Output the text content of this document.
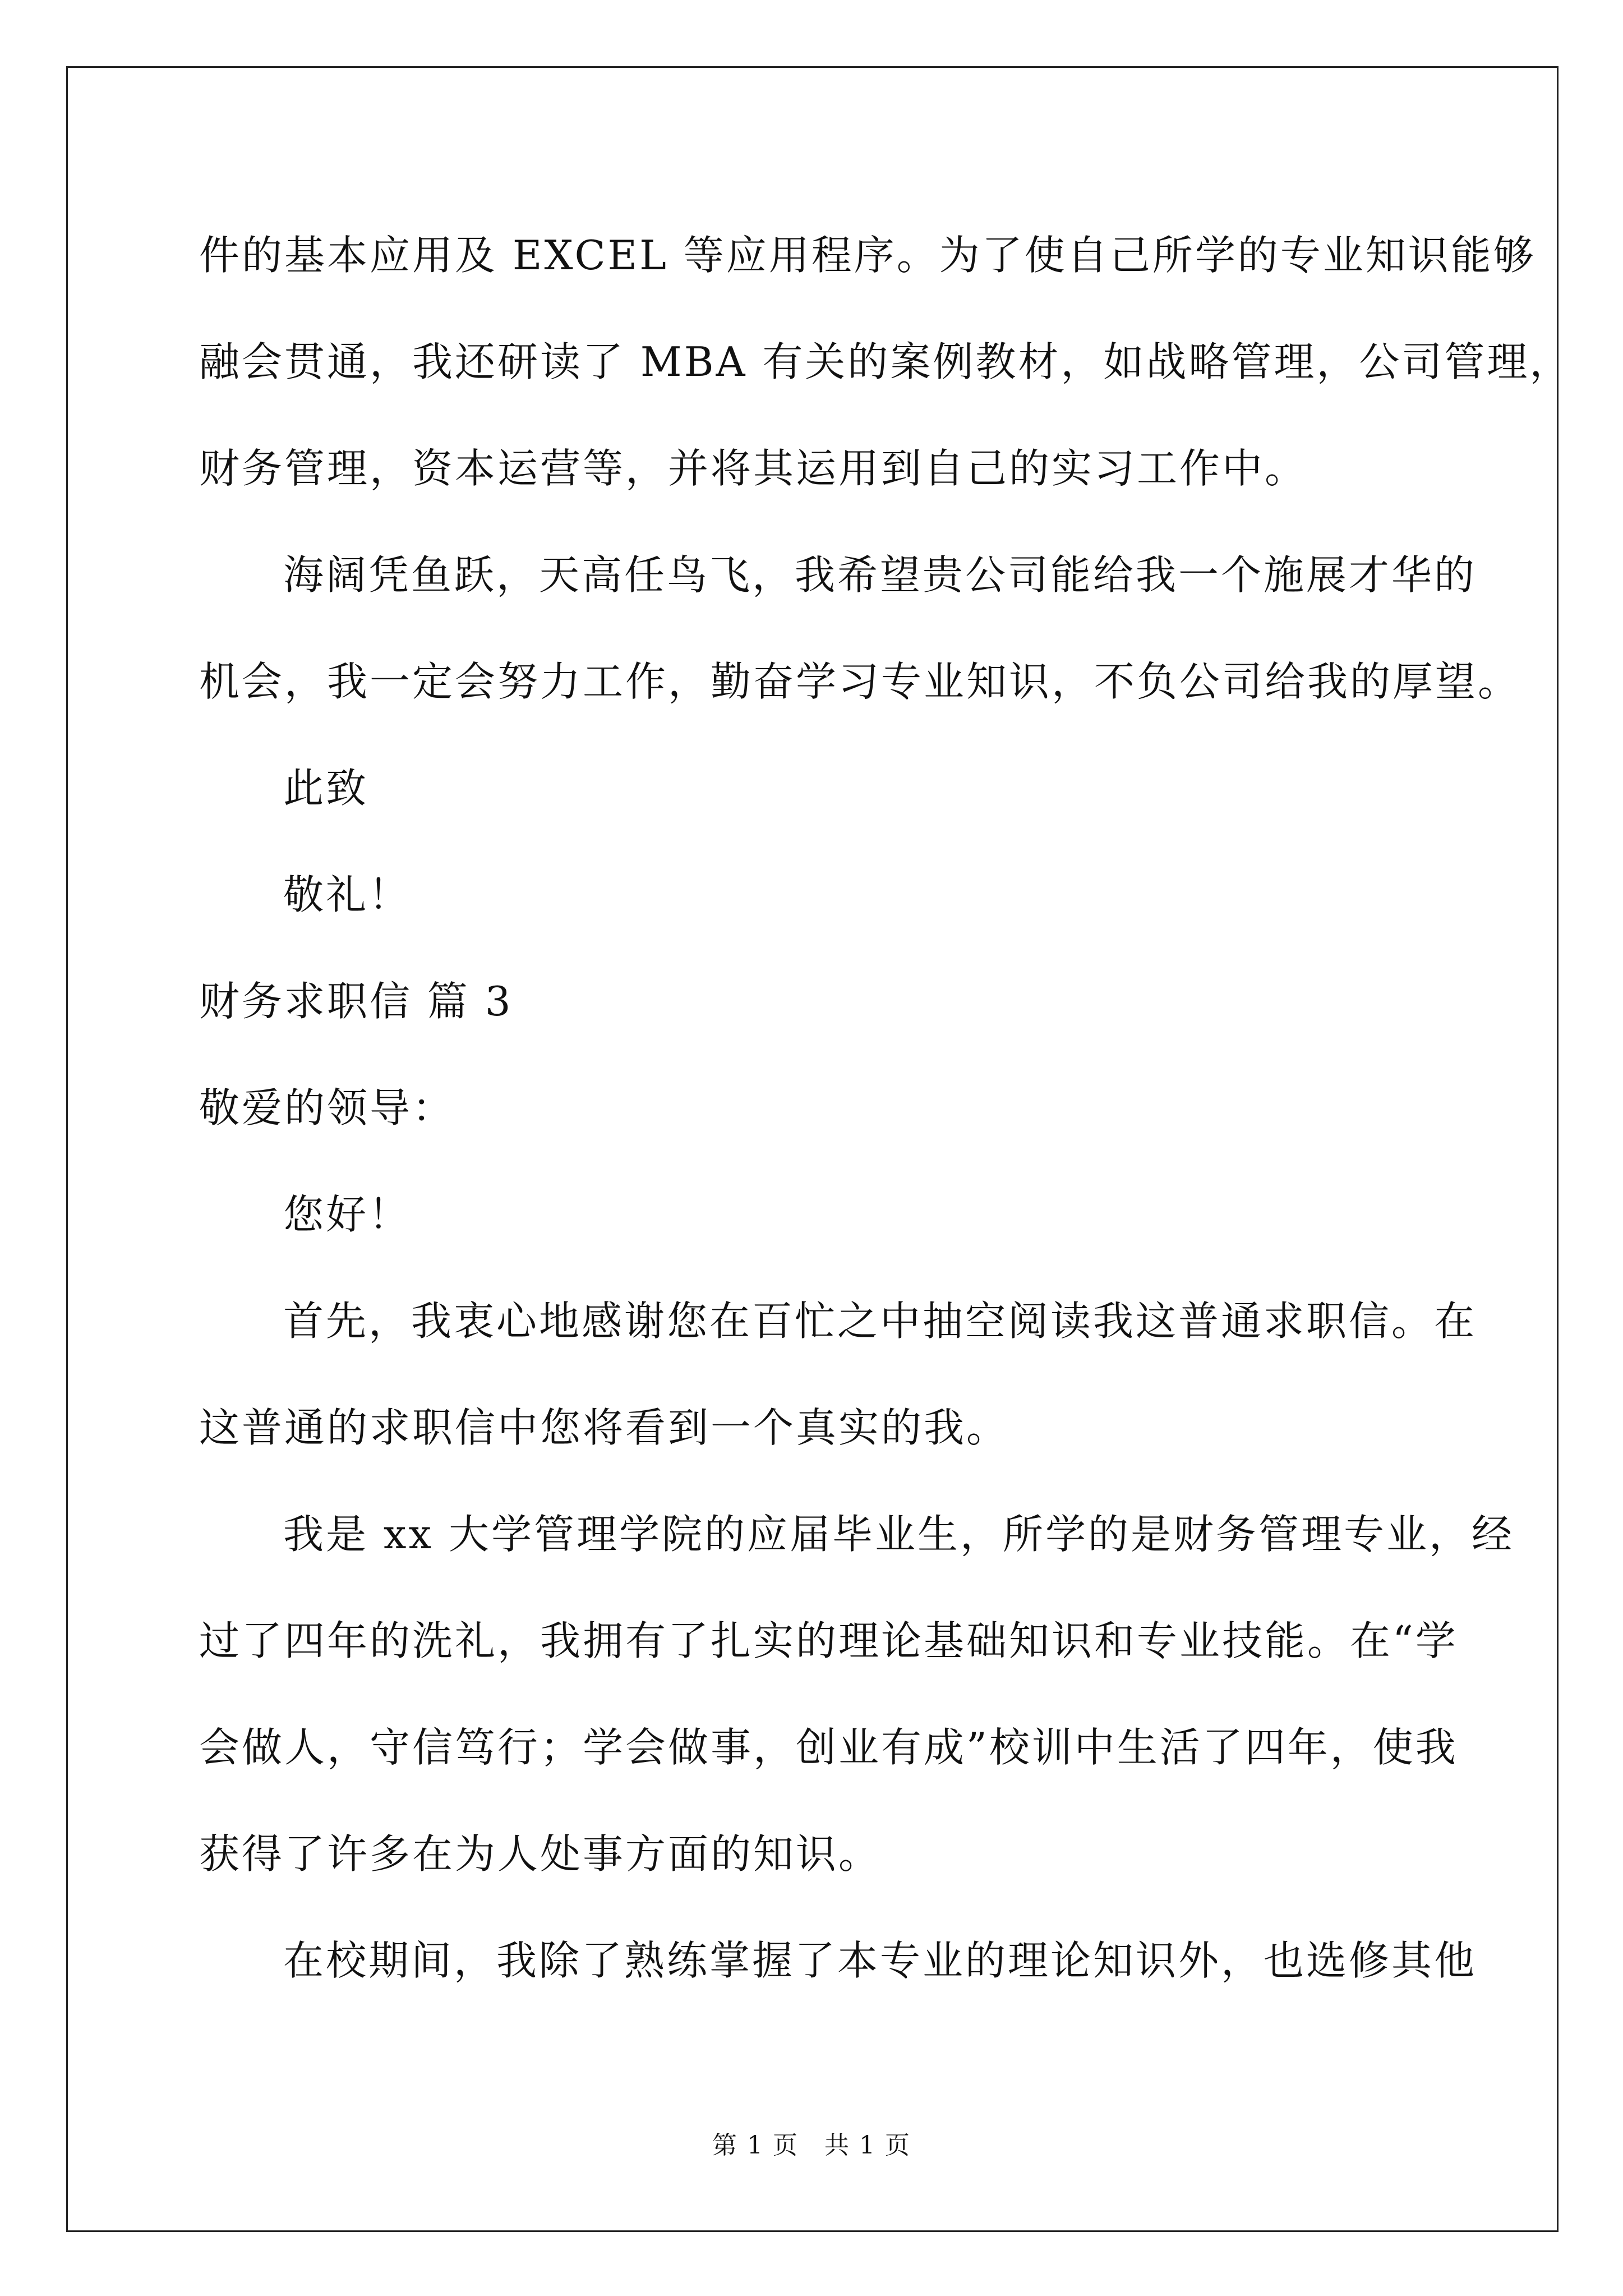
件的基本应用及 EXCEL 等应用程序。为了使自己所学的专业知识能够
融会贯通，我还研读了 MBA 有关的案例教材，如战略管理，公司管理，
财务管理，资本运营等，并将其运用到自己的实习工作中。
海阔凭鱼跃，天高任鸟飞，我希望贵公司能给我一个施展才华的
机会，我一定会努力工作，勤奋学习专业知识，不负公司给我的厚望。
此致
敬礼！
财务求职信 篇 3
敬爱的领导：
您好！
首先，我衷心地感谢您在百忙之中抽空阅读我这普通求职信。在
这普通的求职信中您将看到一个真实的我。
我是 xx 大学管理学院的应届毕业生，所学的是财务管理专业，经
过了四年的洗礼，我拥有了扎实的理论基础知识和专业技能。在“学
会做人，守信笃行；学会做事，创业有成”校训中生活了四年，使我
获得了许多在为人处事方面的知识。
在校期间，我除了熟练掌握了本专业的理论知识外，也选修其他
第 1 页　共 1 页
